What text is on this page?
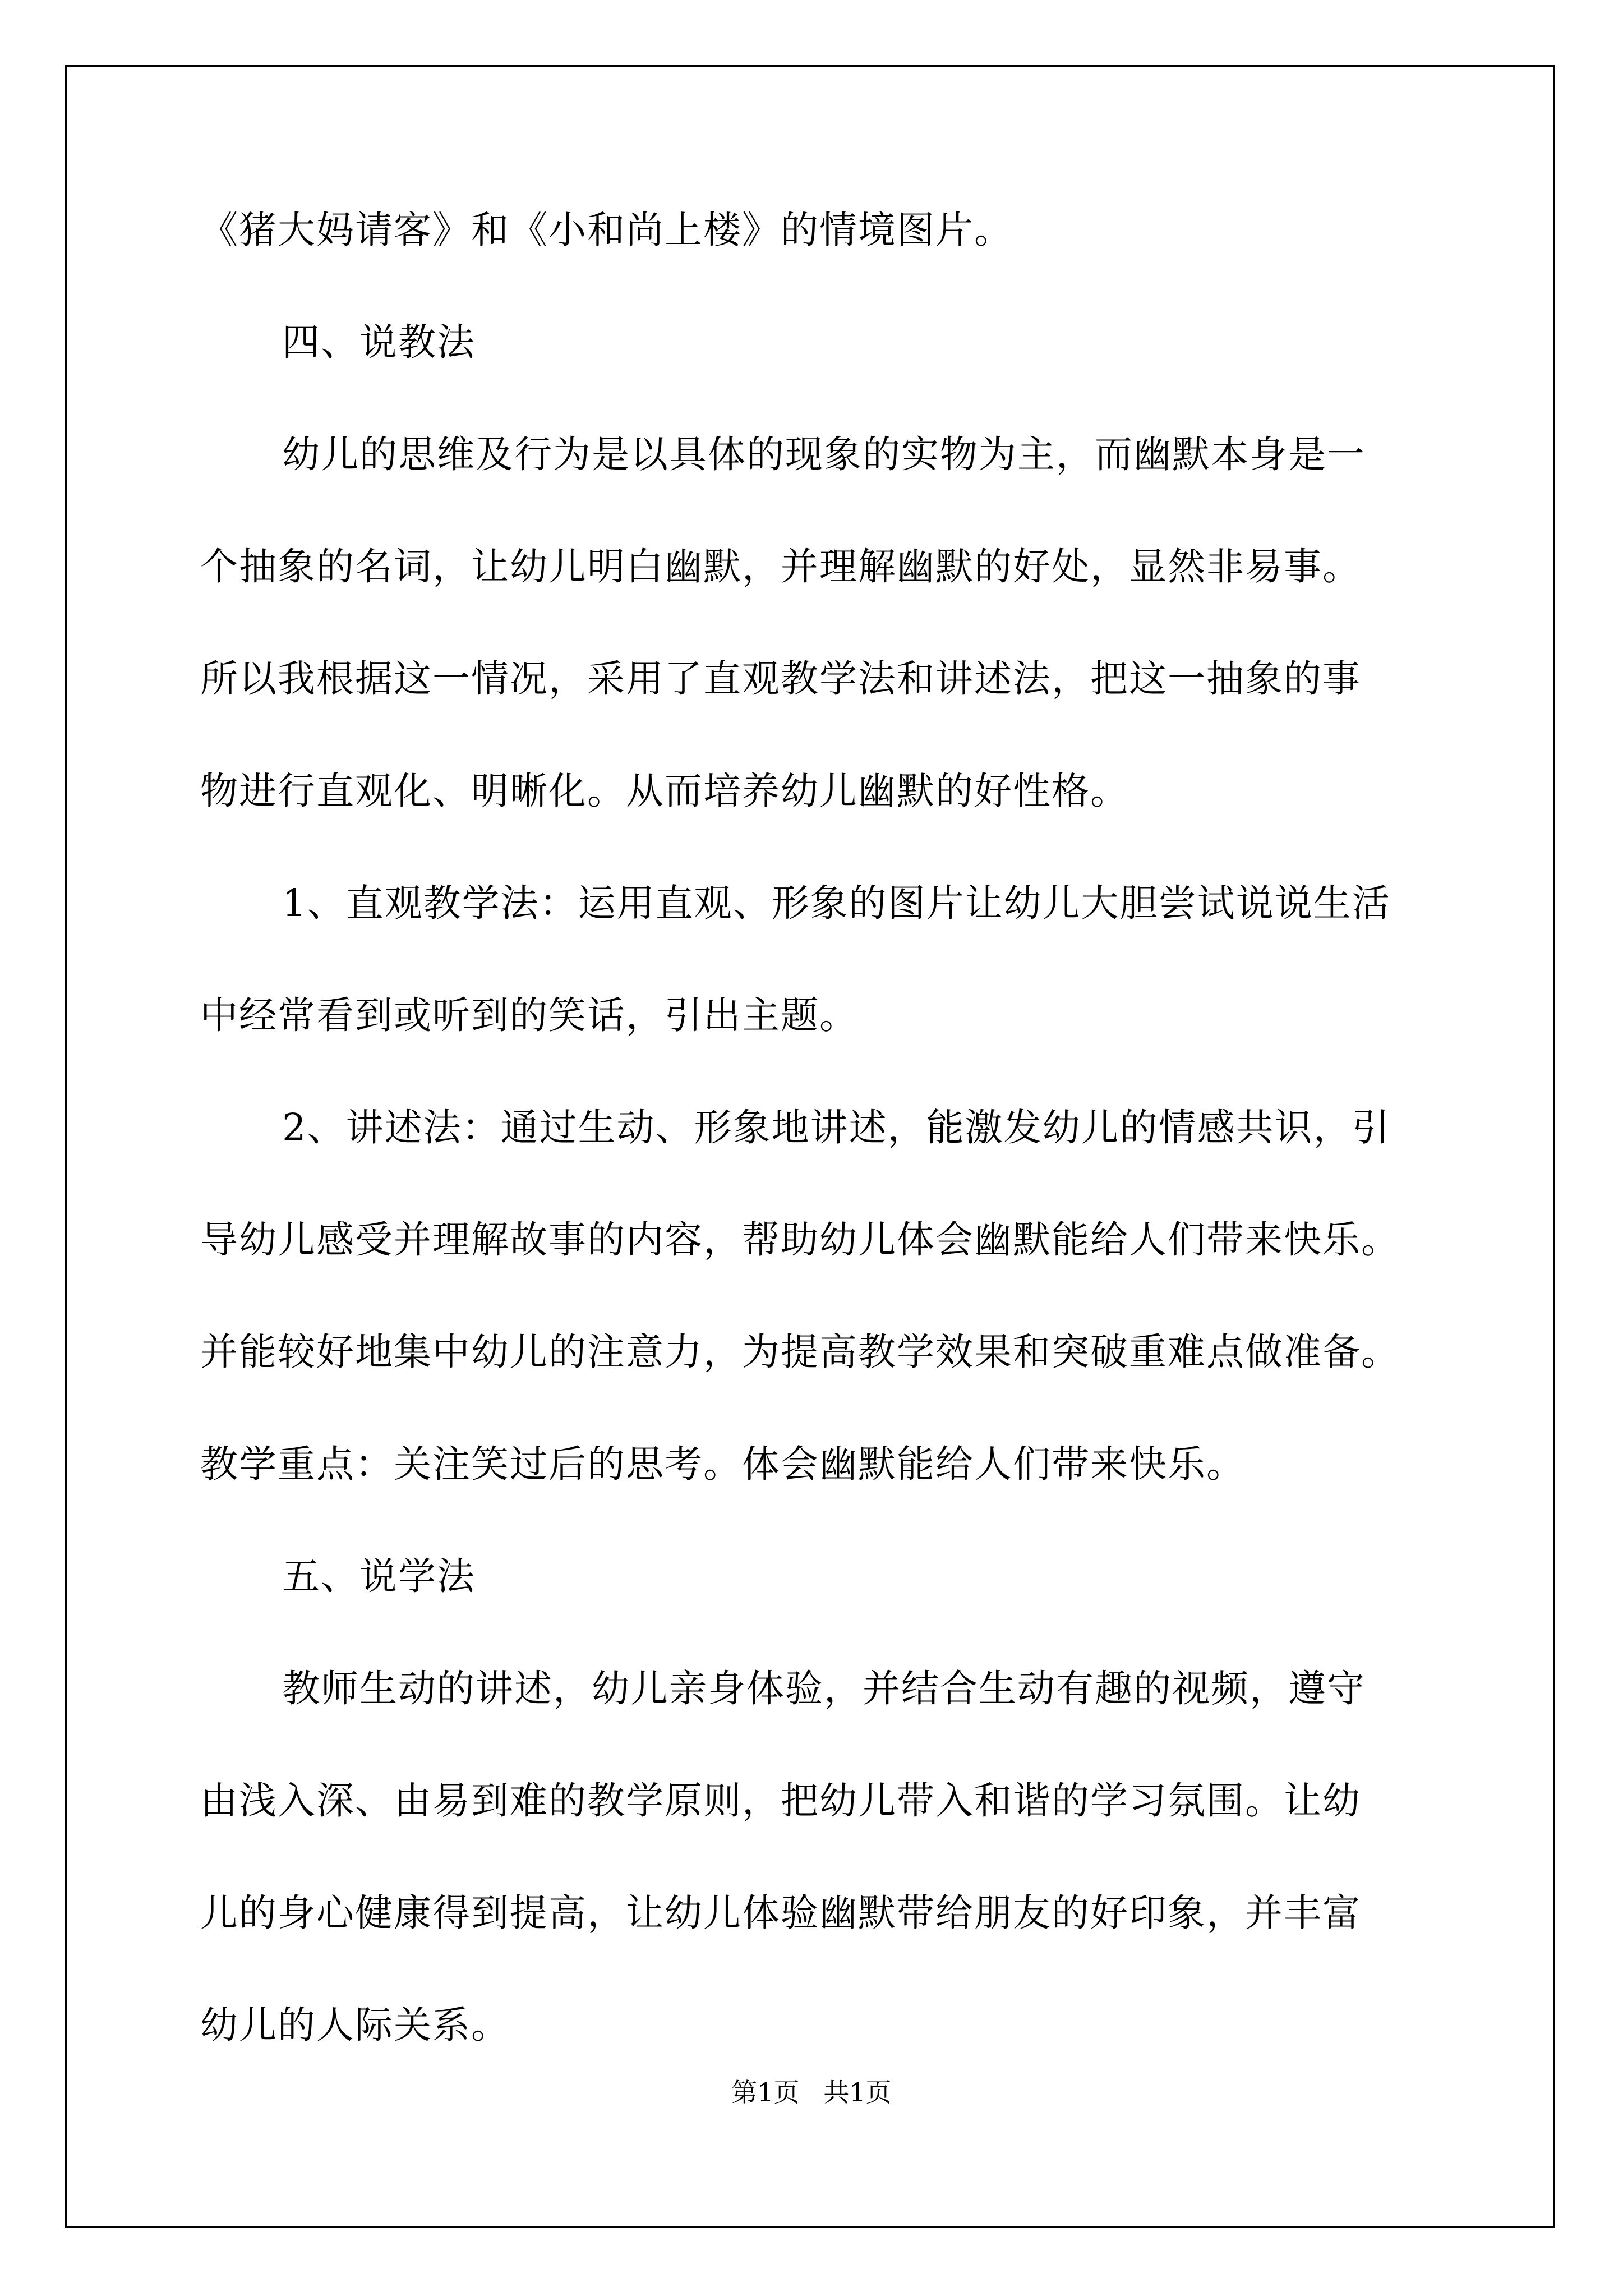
《猪大妈请客》和《小和尚上楼》的情境图片。
四、说教法
幼儿的思维及行为是以具体的现象的实物为主，而幽默本身是一
个抽象的名词，让幼儿明白幽默，并理解幽默的好处，显然非易事。
所以我根据这一情况，采用了直观教学法和讲述法，把这一抽象的事
物进行直观化、明晰化。从而培养幼儿幽默的好性格。
1、直观教学法：运用直观、形象的图片让幼儿大胆尝试说说生活
中经常看到或听到的笑话，引出主题。
2、讲述法：通过生动、形象地讲述，能激发幼儿的情感共识，引
导幼儿感受并理解故事的内容，帮助幼儿体会幽默能给人们带来快乐。
并能较好地集中幼儿的注意力，为提高教学效果和突破重难点做准备。
教学重点：关注笑过后的思考。体会幽默能给人们带来快乐。
五、说学法
教师生动的讲述，幼儿亲身体验，并结合生动有趣的视频，遵守
由浅入深、由易到难的教学原则，把幼儿带入和谐的学习氛围。让幼
儿的身心健康得到提高，让幼儿体验幽默带给朋友的好印象，并丰富
幼儿的人际关系。
第1页 共1页
